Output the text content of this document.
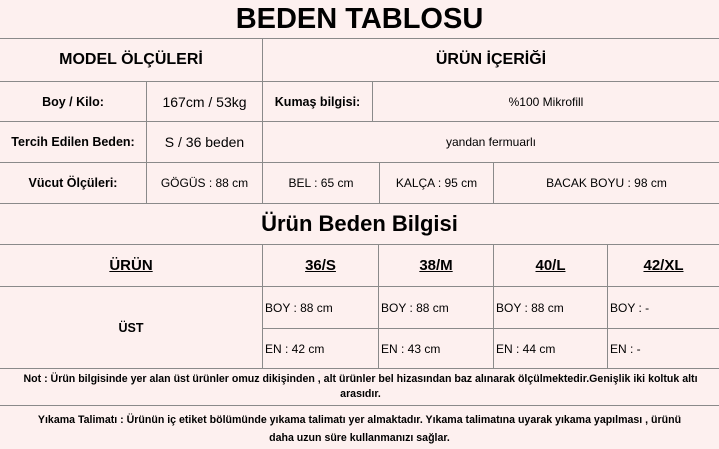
BEDEN TABLOSU
MODEL ÖLÇÜLERİ	ÜRÜN İÇERİĞİ
Boy / Kilo:	167cm / 53kg	Kumaş bilgisi:	%100 Mikrofill
Tercih Edilen Beden:	S / 36 beden	yandan fermuarlı
Vücut Ölçüleri:	GÖGÜS : 88 cm	BEL : 65 cm	KALÇA : 95 cm	BACAK BOYU : 98 cm
Ürün Beden Bilgisi
ÜRÜN	36/S	38/M	40/L	42/XL
ÜST
BOY : 88 cm	BOY : 88 cm	BOY : 88 cm	BOY : -
EN : 42 cm	EN : 43 cm	EN : 44 cm	EN : -
Not : Ürün bilgisinde yer alan üst ürünler omuz dikişinden , alt ürünler bel hizasından baz alınarak ölçülmektedir.Genişlik iki koltuk altı arasıdır.
Yıkama Talimatı : Ürünün iç etiket bölümünde yıkama talimatı yer almaktadır. Yıkama talimatına uyarak yıkama yapılması , ürünü
daha uzun süre kullanmanızı sağlar.
